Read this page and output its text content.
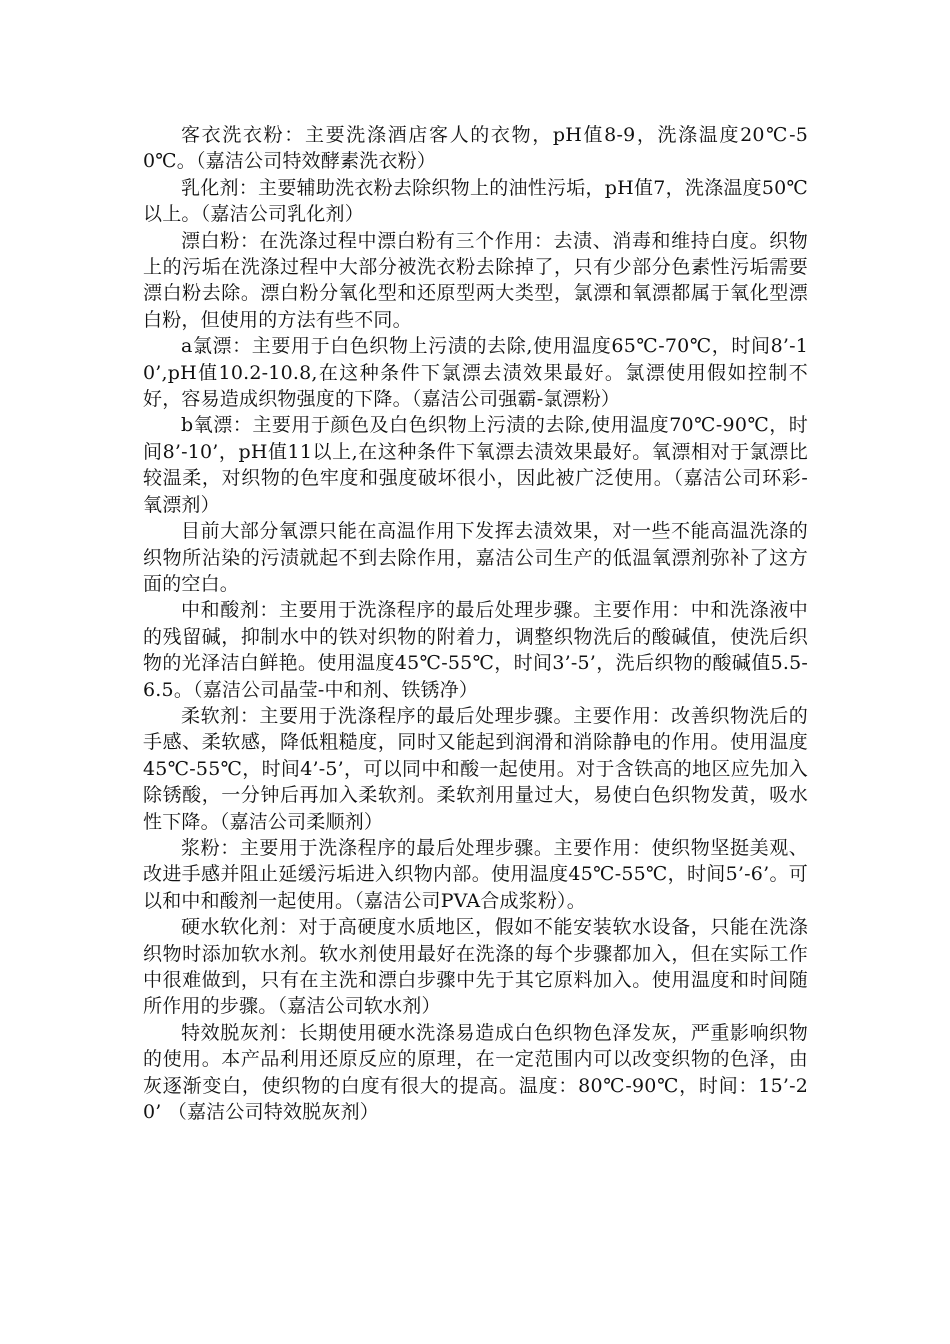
客衣洗衣粉：主要洗涤酒店客人的衣物，pH值8-9，洗涤温度20℃-50℃。（嘉洁公司特效酵素洗衣粉）

乳化剂：主要辅助洗衣粉去除织物上的油性污垢，pH值7，洗涤温度50℃以上。（嘉洁公司乳化剂）

漂白粉：在洗涤过程中漂白粉有三个作用：去渍、消毒和维持白度。织物上的污垢在洗涤过程中大部分被洗衣粉去除掉了，只有少部分色素性污垢需要漂白粉去除。漂白粉分氧化型和还原型两大类型，氯漂和氧漂都属于氧化型漂白粉，但使用的方法有些不同。

a氯漂：主要用于白色织物上污渍的去除,使用温度65℃-70℃，时间8’-10’,pH值10.2-10.8,在这种条件下氯漂去渍效果最好。氯漂使用假如控制不好，容易造成织物强度的下降。（嘉洁公司强霸-氯漂粉）

b氧漂：主要用于颜色及白色织物上污渍的去除,使用温度70℃-90℃，时间8’-10’，pH值11以上,在这种条件下氧漂去渍效果最好。氧漂相对于氯漂比较温柔，对织物的色牢度和强度破坏很小，因此被广泛使用。（嘉洁公司环彩-氧漂剂）

目前大部分氧漂只能在高温作用下发挥去渍效果，对一些不能高温洗涤的织物所沾染的污渍就起不到去除作用，嘉洁公司生产的低温氧漂剂弥补了这方面的空白。

中和酸剂：主要用于洗涤程序的最后处理步骤。主要作用：中和洗涤液中的残留碱，抑制水中的铁对织物的附着力，调整织物洗后的酸碱值，使洗后织物的光泽洁白鲜艳。使用温度45℃-55℃，时间3’-5’，洗后织物的酸碱值5.5-6.5。（嘉洁公司晶莹-中和剂、铁锈净）

柔软剂：主要用于洗涤程序的最后处理步骤。主要作用：改善织物洗后的手感、柔软感，降低粗糙度，同时又能起到润滑和消除静电的作用。使用温度45℃-55℃，时间4’-5’，可以同中和酸一起使用。对于含铁高的地区应先加入除锈酸，一分钟后再加入柔软剂。柔软剂用量过大，易使白色织物发黄，吸水性下降。（嘉洁公司柔顺剂）

浆粉：主要用于洗涤程序的最后处理步骤。主要作用：使织物坚挺美观、改进手感并阻止延缓污垢进入织物内部。使用温度45℃-55℃，时间5’-6’。可以和中和酸剂一起使用。（嘉洁公司PVA合成浆粉）。

硬水软化剂：对于高硬度水质地区，假如不能安装软水设备，只能在洗涤织物时添加软水剂。软水剂使用最好在洗涤的每个步骤都加入，但在实际工作中很难做到，只有在主洗和漂白步骤中先于其它原料加入。使用温度和时间随所作用的步骤。（嘉洁公司软水剂）

特效脱灰剂：长期使用硬水洗涤易造成白色织物色泽发灰，严重影响织物的使用。本产品利用还原反应的原理，在一定范围内可以改变织物的色泽，由灰逐渐变白，使织物的白度有很大的提高。温度：80℃-90℃，时间：15’-20’ （嘉洁公司特效脱灰剂）
